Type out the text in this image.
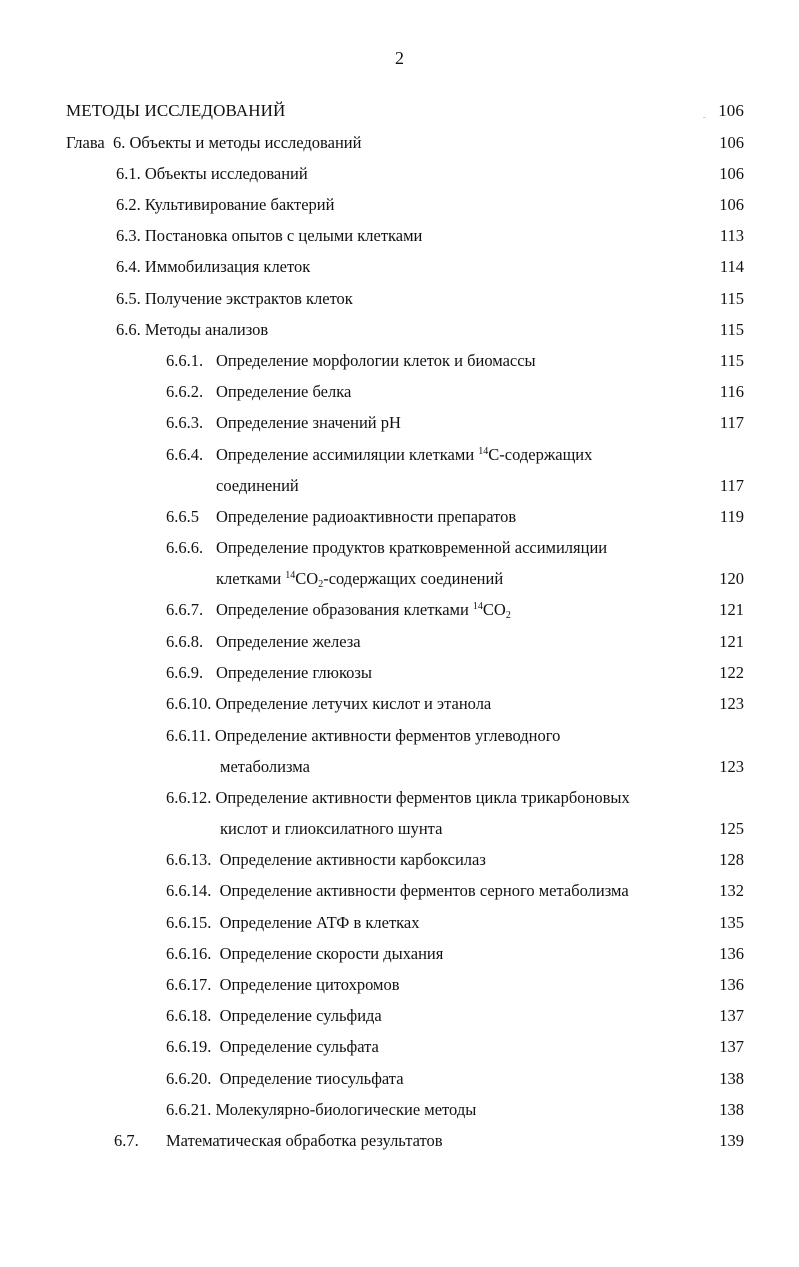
2
МЕТОДЫ ИССЛЕДОВАНИЙ	106
Глава 6. Объекты и методы исследований	106
6.1. Объекты исследований	106
6.2. Культивирование бактерий	106
6.3. Постановка опытов с целыми клетками	113
6.4. Иммобилизация клеток	114
6.5. Получение экстрактов клеток	115
6.6. Методы анализов	115
6.6.1. Определение морфологии клеток и биомассы	115
6.6.2. Определение белка	116
6.6.3. Определение значений pH	117
6.6.4. Определение ассимиляции клетками $^{14}$С-содержащих
соединений	117
6.6.5 Определение радиоактивности препаратов	119
6.6.6. Определение продуктов кратковременной ассимиляции
клетками $^{14}CO_2$-содержащих соединений	120
6.6.7. Определение образования клетками $^{14}CO_2$	121
6.6.8. Определение железа	121
6.6.9. Определение глюкозы	122
6.6.10. Определение летучих кислот и этанола	123
6.6.11. Определение активности ферментов углеводного
метаболизма	123
6.6.12. Определение активности ферментов цикла трикарбоновых
кислот и глиоксилатного шунта	125
6.6.13. Определение активности карбоксилаз	128
6.6.14. Определение активности ферментов серного метаболизма	132
6.6.15. Определение АТФ в клетках	135
6.6.16. Определение скорости дыхания	136
6.6.17. Определение цитохромов	136
6.6.18. Определение сульфида	137
6.6.19. Определение сульфата	137
6.6.20. Определение тиосульфата	138
6.6.21. Молекулярно-биологические методы	138
6.7. Математическая обработка результатов	139
